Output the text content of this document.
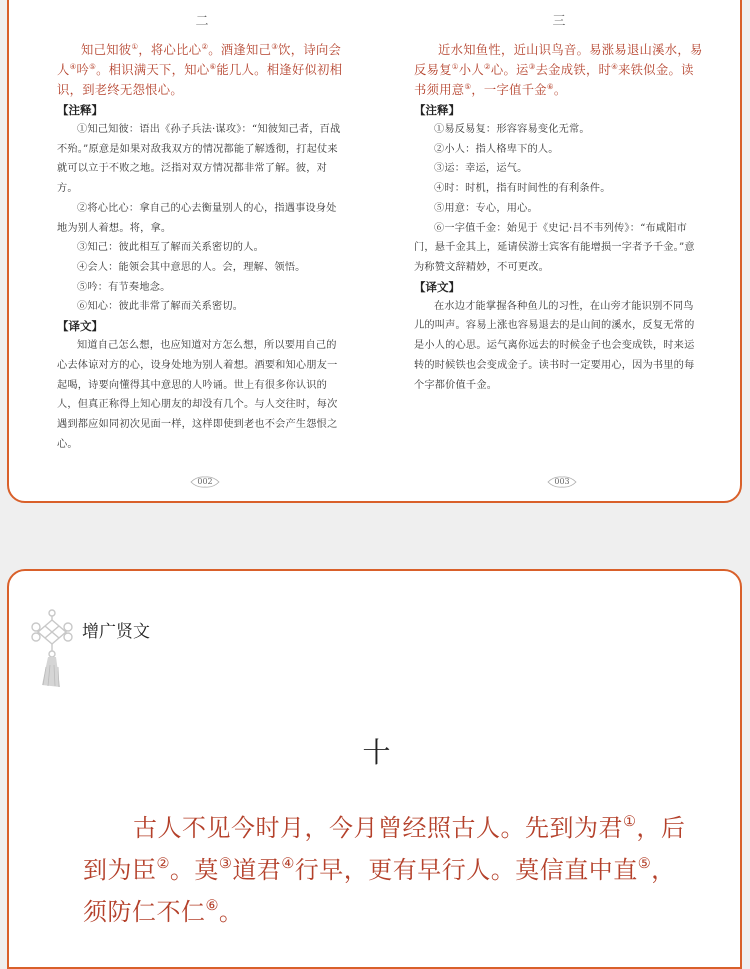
二

知己知彼①，将心比心②。酒逢知己③饮，诗向会人④吟⑤。相识满天下，知心⑥能几人。相逢好似初相识，到老终无怨恨心。

【注释】

①知己知彼：语出《孙子兵法·谋攻》：“知彼知己者，百战不殆。”原意是如果对敌我双方的情况都能了解透彻，打起仗来就可以立于不败之地。泛指对双方情况都非常了解。彼，对方。

②将心比心：拿自己的心去衡量别人的心，指遇事设身处地为别人着想。将，拿。

③知己：彼此相互了解而关系密切的人。

④会人：能领会其中意思的人。会，理解、领悟。

⑤吟：有节奏地念。

⑥知心：彼此非常了解而关系密切。

【译文】

知道自己怎么想，也应知道对方怎么想，所以要用自己的心去体谅对方的心，设身处地为别人着想。酒要和知心朋友一起喝，诗要向懂得其中意思的人吟诵。世上有很多你认识的人，但真正称得上知心朋友的却没有几个。与人交往时，每次遇到都应如同初次见面一样，这样即使到老也不会产生怨恨之心。

三

近水知鱼性，近山识鸟音。易涨易退山溪水，易反易复①小人②心。运③去金成铁，时④来铁似金。读书须用意⑤，一字值千金⑥。

【注释】

①易反易复：形容容易变化无常。

②小人：指人格卑下的人。

③运：幸运，运气。

④时：时机，指有时间性的有利条件。

⑤用意：专心，用心。

⑥一字值千金：始见于《史记·吕不韦列传》：“布咸阳市门，悬千金其上，延请侯游士宾客有能增损一字者予千金。”意为称赞文辞精妙，不可更改。

【译文】

在水边才能掌握各种鱼儿的习性，在山旁才能识别不同鸟儿的叫声。容易上涨也容易退去的是山间的溪水，反复无常的是小人的心思。运气离你远去的时候金子也会变成铁，时来运转的时候铁也会变成金子。读书时一定要用心，因为书里的每个字都价值千金。

002	003
增广贤文
十

古人不见今时月，今月曾经照古人。先到为君①，后到为臣②。莫③道君④行早，更有早行人。莫信直中直⑤，须防仁不仁⑥。
